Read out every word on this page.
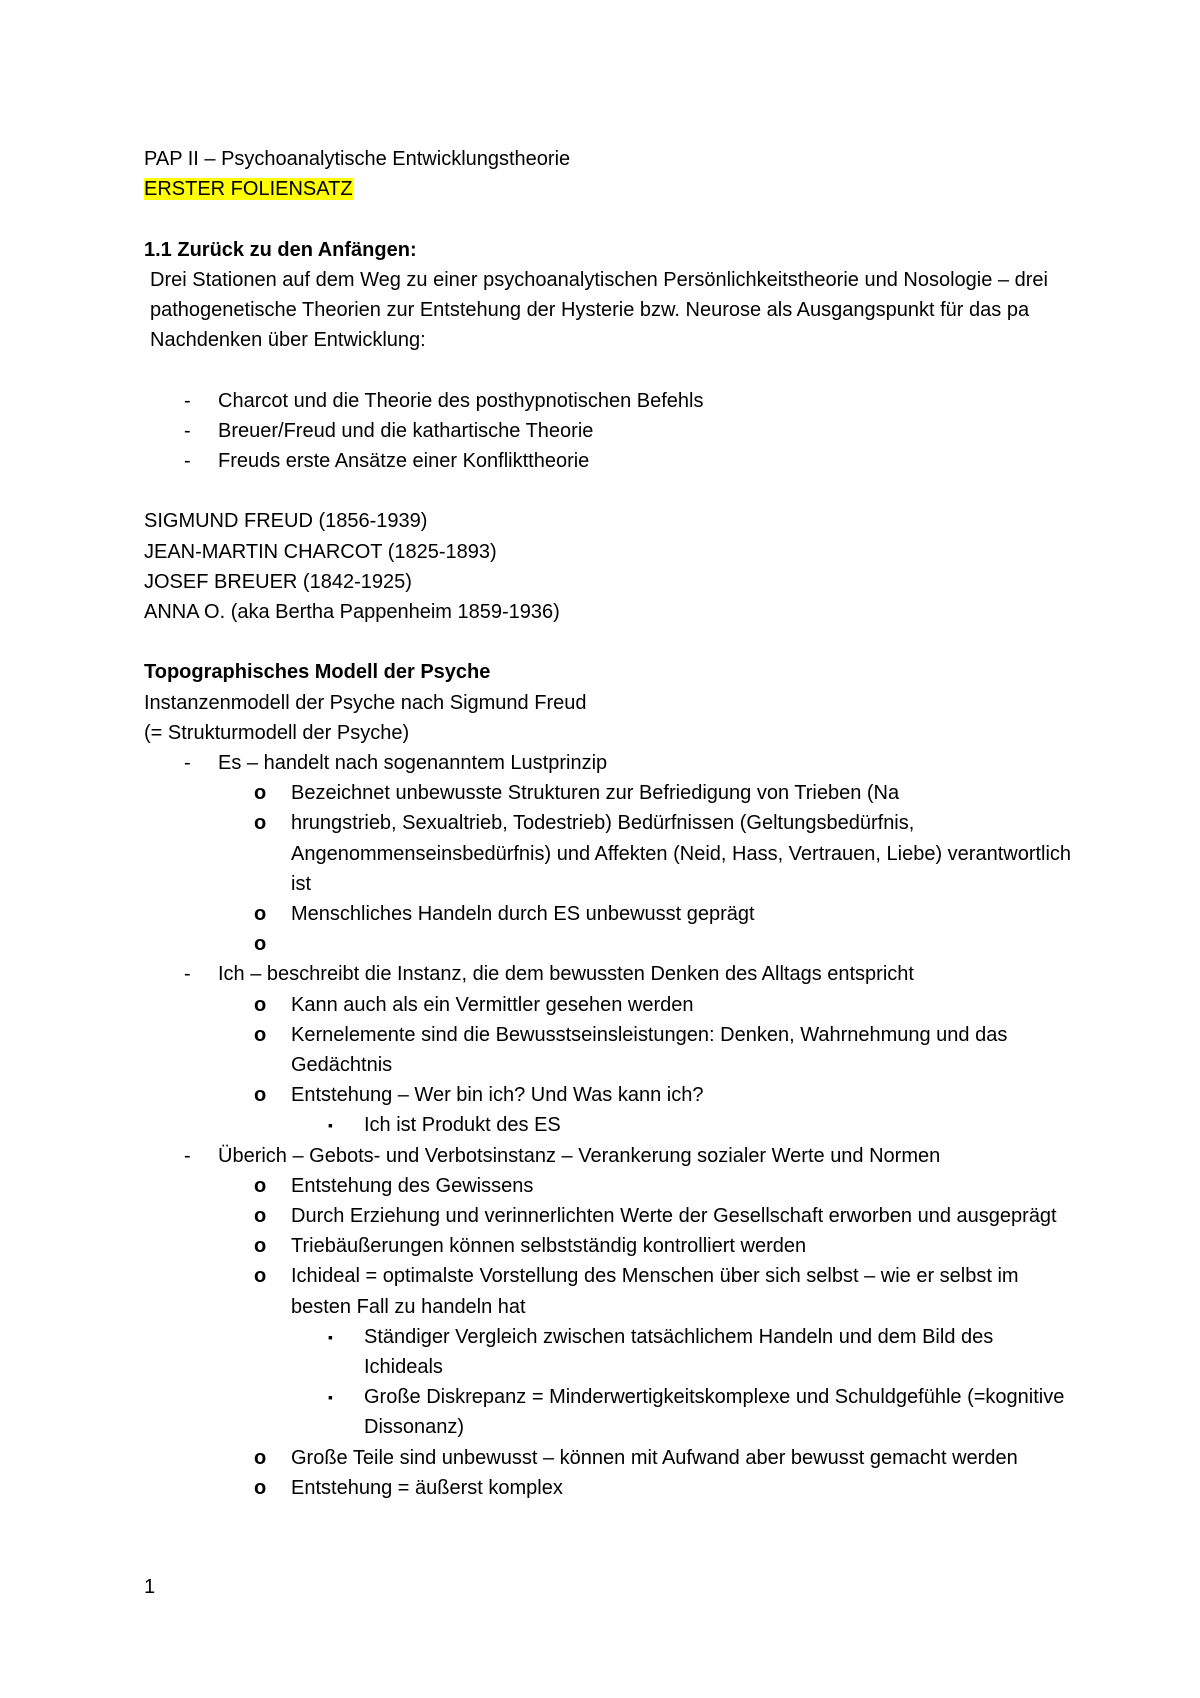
PAP II – Psychoanalytische Entwicklungstheorie

ERSTER FOLIENSATZ

1.1 Zurück zu den Anfängen:

Drei Stationen auf dem Weg zu einer psychoanalytischen Persönlichkeitstheorie und Nosologie – drei pathogenetische Theorien zur Entstehung der Hysterie bzw. Neurose als Ausgangspunkt für das pa Nachdenken über Entwicklung:

- Charcot und die Theorie des posthypnotischen Befehls
- Breuer/Freud und die kathartische Theorie
- Freuds erste Ansätze einer Konflikttheorie

SIGMUND FREUD (1856-1939)

JEAN-MARTIN CHARCOT (1825-1893)

JOSEF BREUER (1842-1925)

ANNA O. (aka Bertha Pappenheim 1859-1936)

Topographisches Modell der Psyche

Instanzenmodell der Psyche nach Sigmund Freud

(= Strukturmodell der Psyche)

- Es – handelt nach sogenanntem Lustprinzip
o Bezeichnet unbewusste Strukturen zur Befriedigung von Trieben (Na
o hrungstrieb, Sexualtrieb, Todestrieb) Bedürfnissen (Geltungsbedürfnis, Angenommenseinsbedürfnis) und Affekten (Neid, Hass, Vertrauen, Liebe) verantwortlich ist
o Menschliches Handeln durch ES unbewusst geprägt
o
- Ich – beschreibt die Instanz, die dem bewussten Denken des Alltags entspricht
o Kann auch als ein Vermittler gesehen werden
o Kernelemente sind die Bewusstseinsleistungen: Denken, Wahrnehmung und das Gedächtnis
o Entstehung – Wer bin ich? Und Was kann ich?
▪ Ich ist Produkt des ES
- Überich – Gebots- und Verbotsinstanz – Verankerung sozialer Werte und Normen
o Entstehung des Gewissens
o Durch Erziehung und verinnerlichten Werte der Gesellschaft erworben und ausgeprägt
o Triebäußerungen können selbstständig kontrolliert werden
o Ichideal = optimalste Vorstellung des Menschen über sich selbst – wie er selbst im besten Fall zu handeln hat
▪ Ständiger Vergleich zwischen tatsächlichem Handeln und dem Bild des Ichideals
▪ Große Diskrepanz = Minderwertigkeitskomplexe und Schuldgefühle (=kognitive Dissonanz)
o Große Teile sind unbewusst – können mit Aufwand aber bewusst gemacht werden
o Entstehung = äußerst komplex
1
